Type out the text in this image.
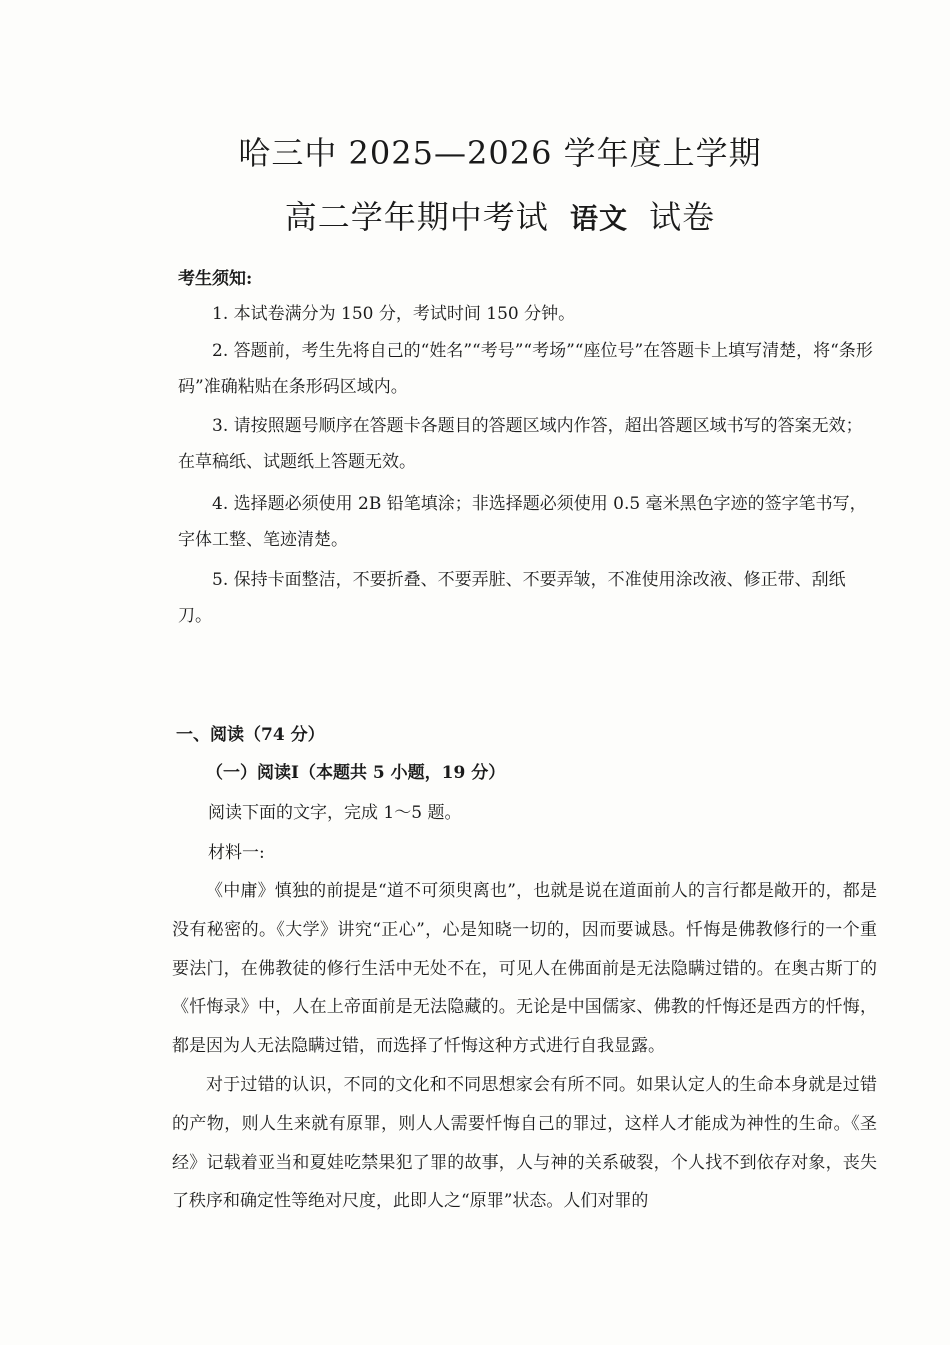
哈三中 2025—2026 学年度上学期
高二学年期中考试 语文 试卷
考生须知:
1. 本试卷满分为 150 分，考试时间 150 分钟。
2. 答题前，考生先将自己的“姓名”“考号”“考场”“座位号”在答题卡上填写清楚，将“条形码”准确粘贴在条形码区域内。
3. 请按照题号顺序在答题卡各题目的答题区域内作答，超出答题区域书写的答案无效；在草稿纸、试题纸上答题无效。
4. 选择题必须使用 2B 铅笔填涂；非选择题必须使用 0.5 毫米黑色字迹的签字笔书写，字体工整、笔迹清楚。
5. 保持卡面整洁，不要折叠、不要弄脏、不要弄皱，不准使用涂改液、修正带、刮纸刀。
一、阅读（74 分）
（一）阅读Ⅰ（本题共 5 小题，19 分）
阅读下面的文字，完成 1～5 题。
材料一:

《中庸》慎独的前提是“道不可须臾离也”，也就是说在道面前人的言行都是敞开的，都是没有秘密的。《大学》讲究“正心”，心是知晓一切的，因而要诚恳。忏悔是佛教修行的一个重要法门，在佛教徒的修行生活中无处不在，可见人在佛面前是无法隐瞒过错的。在奥古斯丁的《忏悔录》中，人在上帝面前是无法隐藏的。无论是中国儒家、佛教的忏悔还是西方的忏悔，都是因为人无法隐瞒过错，而选择了忏悔这种方式进行自我显露。

对于过错的认识，不同的文化和不同思想家会有所不同。如果认定人的生命本身就是过错的产物，则人生来就有原罪，则人人需要忏悔自己的罪过，这样人才能成为神性的生命。《圣经》记载着亚当和夏娃吃禁果犯了罪的故事，人与神的关系破裂，个人找不到依存对象，丧失了秩序和确定性等绝对尺度，此即人之“原罪”状态。人们对罪的
